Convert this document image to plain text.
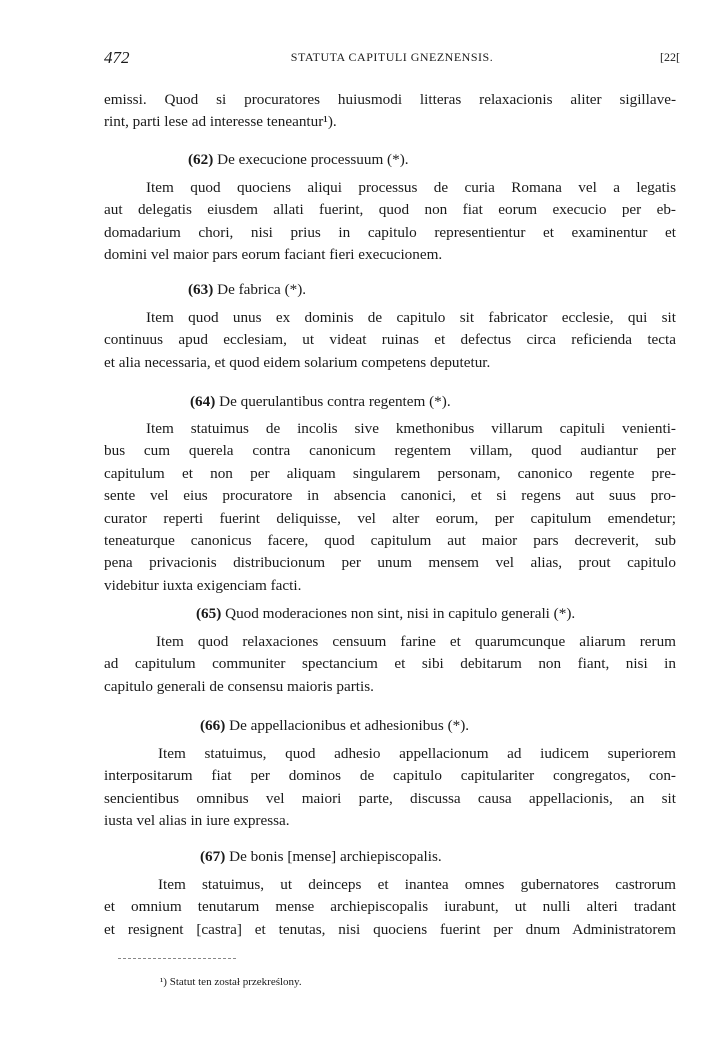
472	STATUTA CAPITULI GNEZNENSIS.	[22[

emissi. Quod si procuratores huiusmodi litteras relaxacionis aliter sigillave-
rint, parti lese ad interesse teneantur¹).

(62) De execucione processuum (*).

Item quod quociens aliqui processus de curia Romana vel a legatis
aut delegatis eiusdem allati fuerint, quod non fiat eorum execucio per eb-
domadarium chori, nisi prius in capitulo representientur et examinentur et
domini vel maior pars eorum faciant fieri execucionem.

(63) De fabrica (*).

Item quod unus ex dominis de capitulo sit fabricator ecclesie, qui sit
continuus apud ecclesiam, ut videat ruinas et defectus circa reficienda tecta
et alia necessaria, et quod eidem solarium competens deputetur.

(64) De querulantibus contra regentem (*).

Item statuimus de incolis sive kmethonibus villarum capituli venienti-
bus cum querela contra canonicum regentem villam, quod audiantur per
capitulum et non per aliquam singularem personam, canonico regente pre-
sente vel eius procuratore in absencia canonici, et si regens aut suus pro-
curator reperti fuerint deliquisse, vel alter eorum, per capitulum emendetur;
teneaturque canonicus facere, quod capitulum aut maior pars decreverit, sub
pena privacionis distribucionum per unum mensem vel alias, prout capitulo
videbitur iuxta exigenciam facti.

(65) Quod moderaciones non sint, nisi in capitulo generali (*).

Item quod relaxaciones censuum farine et quarumcunque aliarum rerum
ad capitulum communiter spectancium et sibi debitarum non fiant, nisi in
capitulo generali de consensu maioris partis.

(66) De appellacionibus et adhesionibus (*).

Item statuimus, quod adhesio appellacionum ad iudicem superiorem
interpositarum fiat per dominos de capitulo capitulariter congregatos, con-
sencientibus omnibus vel maiori parte, discussa causa appellacionis, an sit
iusta vel alias in iure expressa.

(67) De bonis [mense] archiepiscopalis.

Item statuimus, ut deinceps et inantea omnes gubernatores castrorum
et omnium tenutarum mense archiepiscopalis iurabunt, ut nulli alteri tradant
et resignent [castra] et tenutas, nisi quociens fuerint per dnum Administratorem

¹) Statut ten został przekreślony.
